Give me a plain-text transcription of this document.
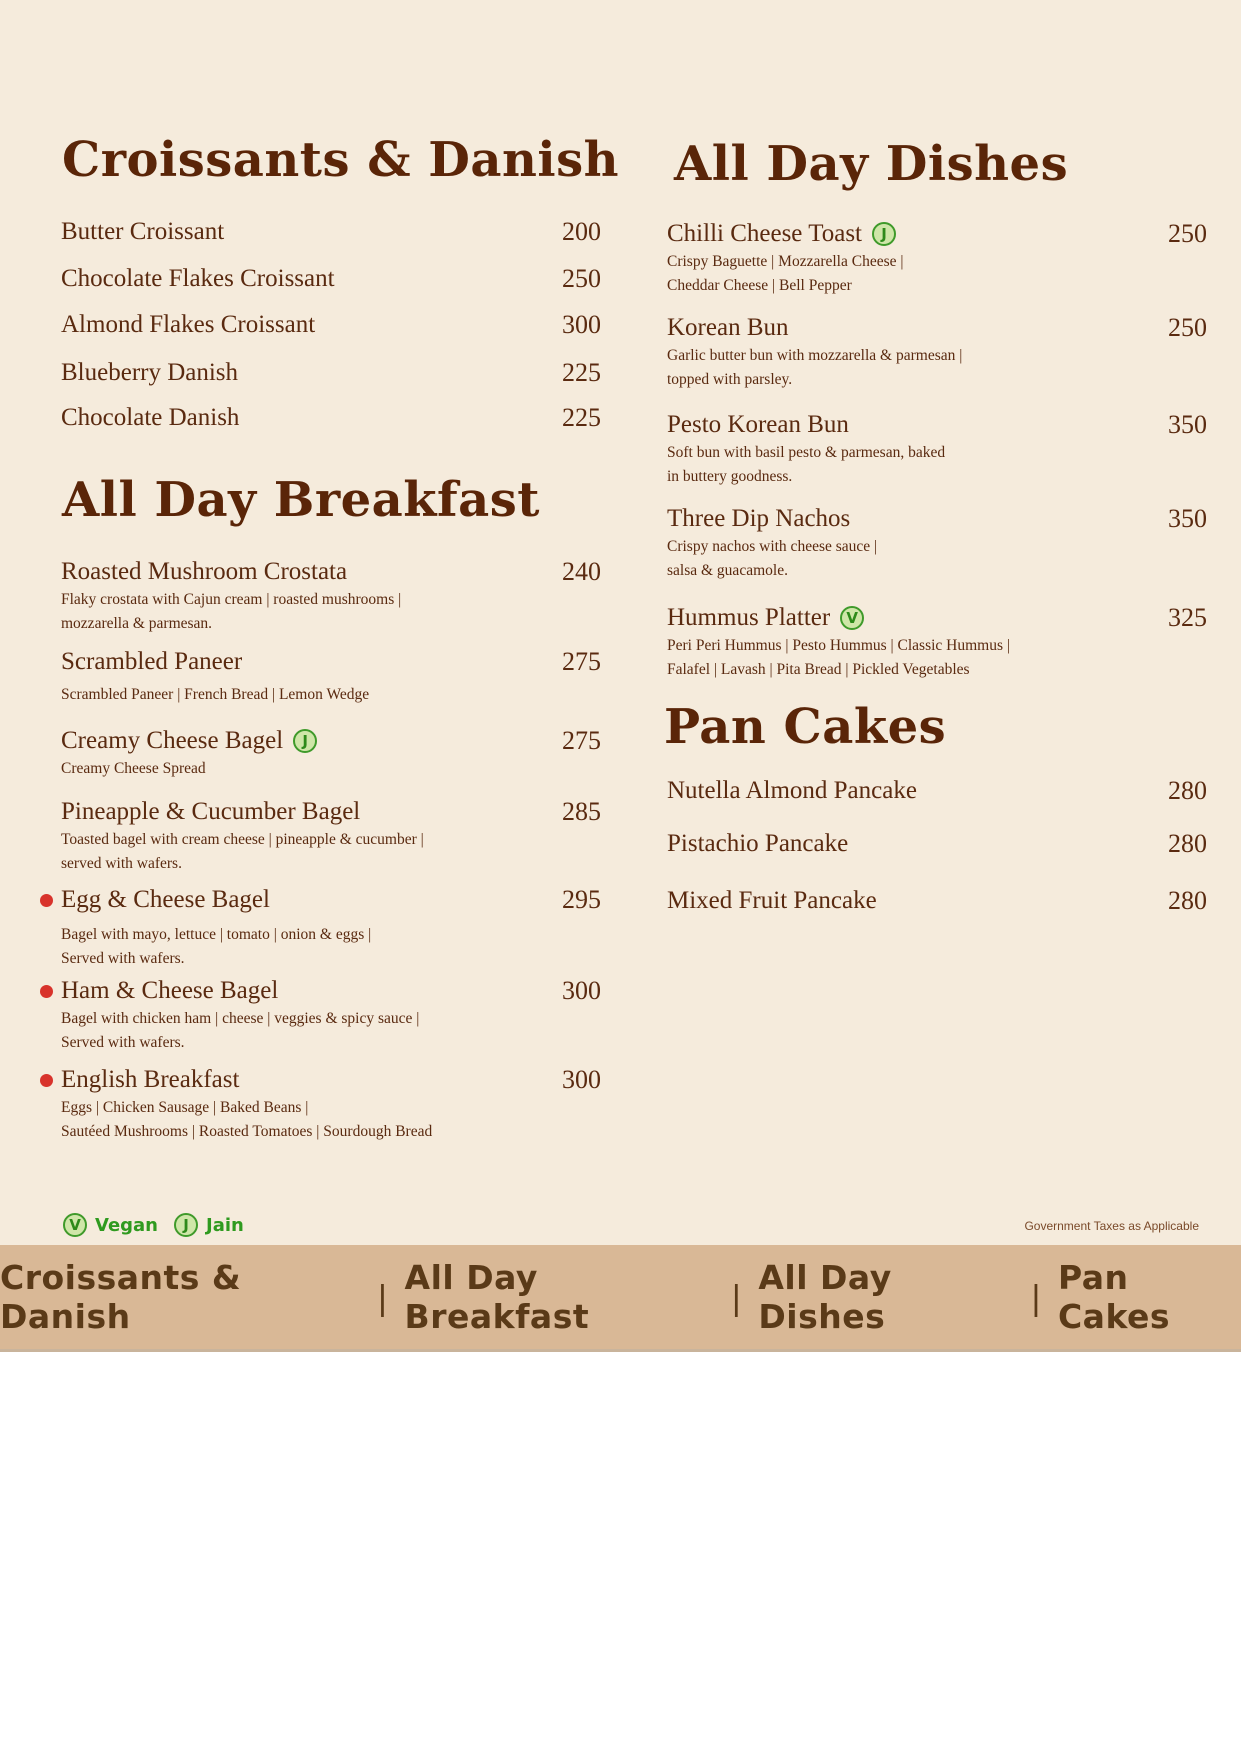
Croissants & Danish
Butter Croissant	200
Chocolate Flakes Croissant	250
Almond Flakes Croissant	300
Blueberry Danish	225
Chocolate Danish	225
All Day Breakfast
Roasted Mushroom Crostata	240
Flaky crostata with Cajun cream | roasted mushrooms |
mozzarella & parmesan.
Scrambled Paneer	275
Scrambled Paneer | French Bread | Lemon Wedge
Creamy Cheese Bagel	J	275
Creamy Cheese Spread
Pineapple & Cucumber Bagel	285
Toasted bagel with cream cheese | pineapple & cucumber |
served with wafers.
Egg & Cheese Bagel	295
Bagel with mayo, lettuce | tomato | onion & eggs |
Served with wafers.
Ham & Cheese Bagel	300
Bagel with chicken ham | cheese | veggies & spicy sauce |
Served with wafers.
English Breakfast	300
Eggs | Chicken Sausage | Baked Beans |
Sautéed Mushrooms | Roasted Tomatoes | Sourdough Bread
All Day Dishes
Chilli Cheese Toast	J	250
Crispy Baguette | Mozzarella Cheese |
Cheddar Cheese | Bell Pepper
Korean Bun	250
Garlic butter bun with mozzarella & parmesan |
topped with parsley.
Pesto Korean Bun	350
Soft bun with basil pesto & parmesan, baked
in buttery goodness.
Three Dip Nachos	350
Crispy nachos with cheese sauce |
salsa & guacamole.
Hummus Platter	V	325
Peri Peri Hummus | Pesto Hummus | Classic Hummus |
Falafel | Lavash | Pita Bread | Pickled Vegetables
Pan Cakes
Nutella Almond Pancake	280
Pistachio Pancake	280
Mixed Fruit Pancake	280
V Vegan	J Jain	Government Taxes as Applicable
Croissants & Danish	| All Day Breakfast	| All Day Dishes	| Pan Cakes
